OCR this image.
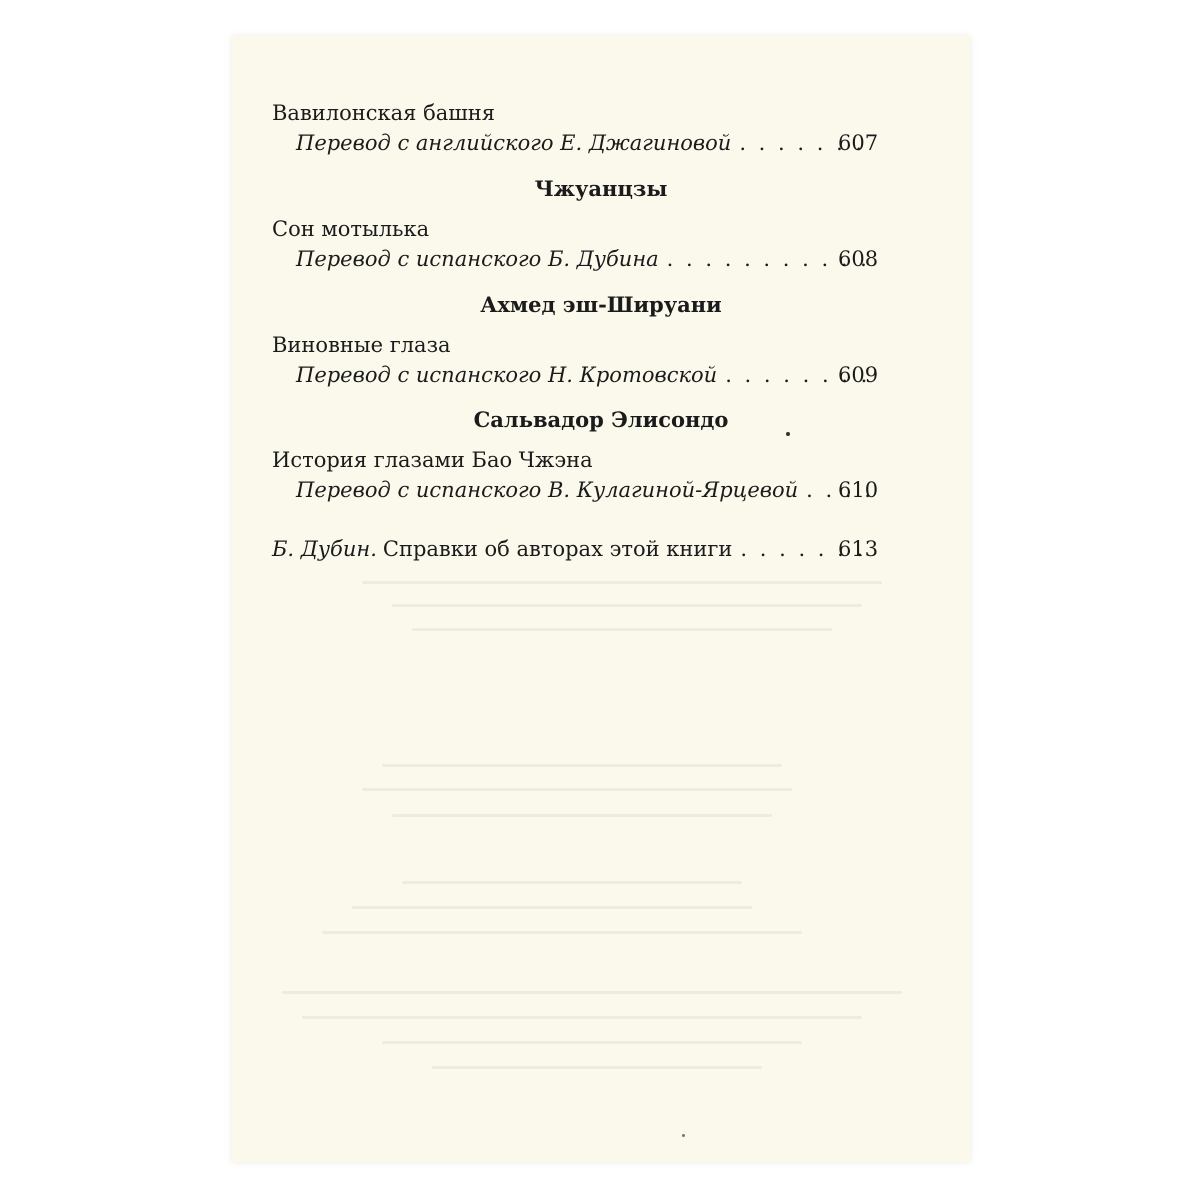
Вавилонская башня
Перевод с английского Е. Джагиновой . . .	607
Чжуанцзы
Сон мотылька
Перевод с испанского Б. Дубина . . .	608
Ахмед эш-Шируани
Виновные глаза
Перевод с испанского Н. Кротовской . . .	609
Сальвадор Элисондо
История глазами Бао Чжэна
Перевод с испанского В. Кулагиной-Ярцевой . . . 610
Б. Дубин. Справки об авторах этой книги . . .	613
